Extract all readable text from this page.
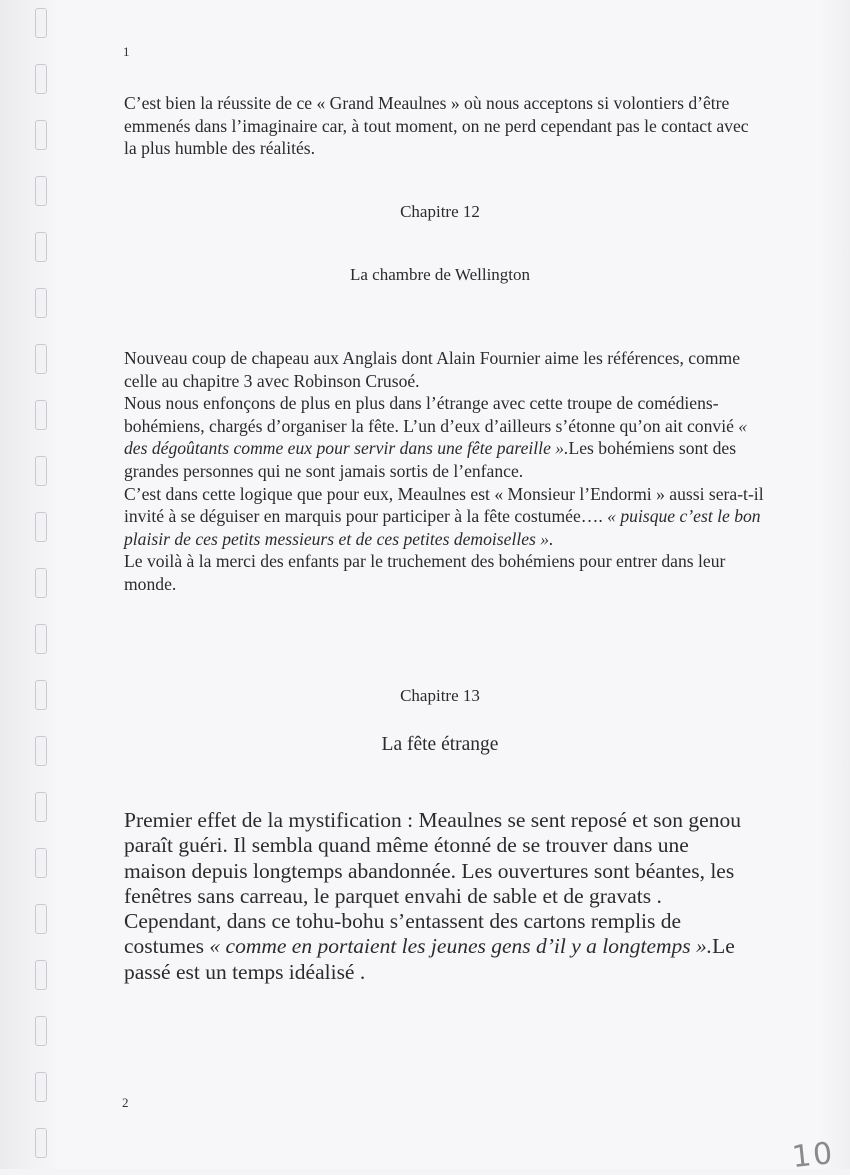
1

C’est bien la réussite de ce « Grand Meaulnes » où nous acceptons si volontiers d’être emmenés dans l’imaginaire car, à tout moment, on ne perd cependant pas le contact avec la plus humble des réalités.

Chapitre 12
La chambre de Wellington

Nouveau coup de chapeau aux Anglais dont Alain Fournier aime les références, comme celle au chapitre 3 avec Robinson Crusoé.

Nous nous enfonçons de plus en plus dans l’étrange avec cette troupe de comédiens-bohémiens, chargés d’organiser la fête. L’un d’eux d’ailleurs s’étonne qu’on ait convié « des dégoûtants comme eux pour servir dans une fête pareille ».Les bohémiens sont des grandes personnes qui ne sont jamais sortis de l’enfance.

C’est dans cette logique que pour eux, Meaulnes est « Monsieur l’Endormi » aussi sera-t-il invité à se déguiser en marquis pour participer à la fête costumée…. « puisque c’est le bon plaisir de ces petits messieurs et de ces petites demoiselles ».

Le voilà à la merci des enfants par le truchement des bohémiens pour entrer dans leur monde.

Chapitre 13
La fête étrange

Premier effet de la mystification : Meaulnes se sent reposé et son genou paraît guéri. Il sembla quand même étonné de se trouver dans une maison depuis longtemps abandonnée. Les ouvertures sont béantes, les fenêtres sans carreau, le parquet envahi de sable et de gravats . Cependant, dans ce tohu-bohu s’entassent des cartons remplis de costumes « comme en portaient les jeunes gens d’il y a longtemps ».Le passé est un temps idéalisé .

2
10
